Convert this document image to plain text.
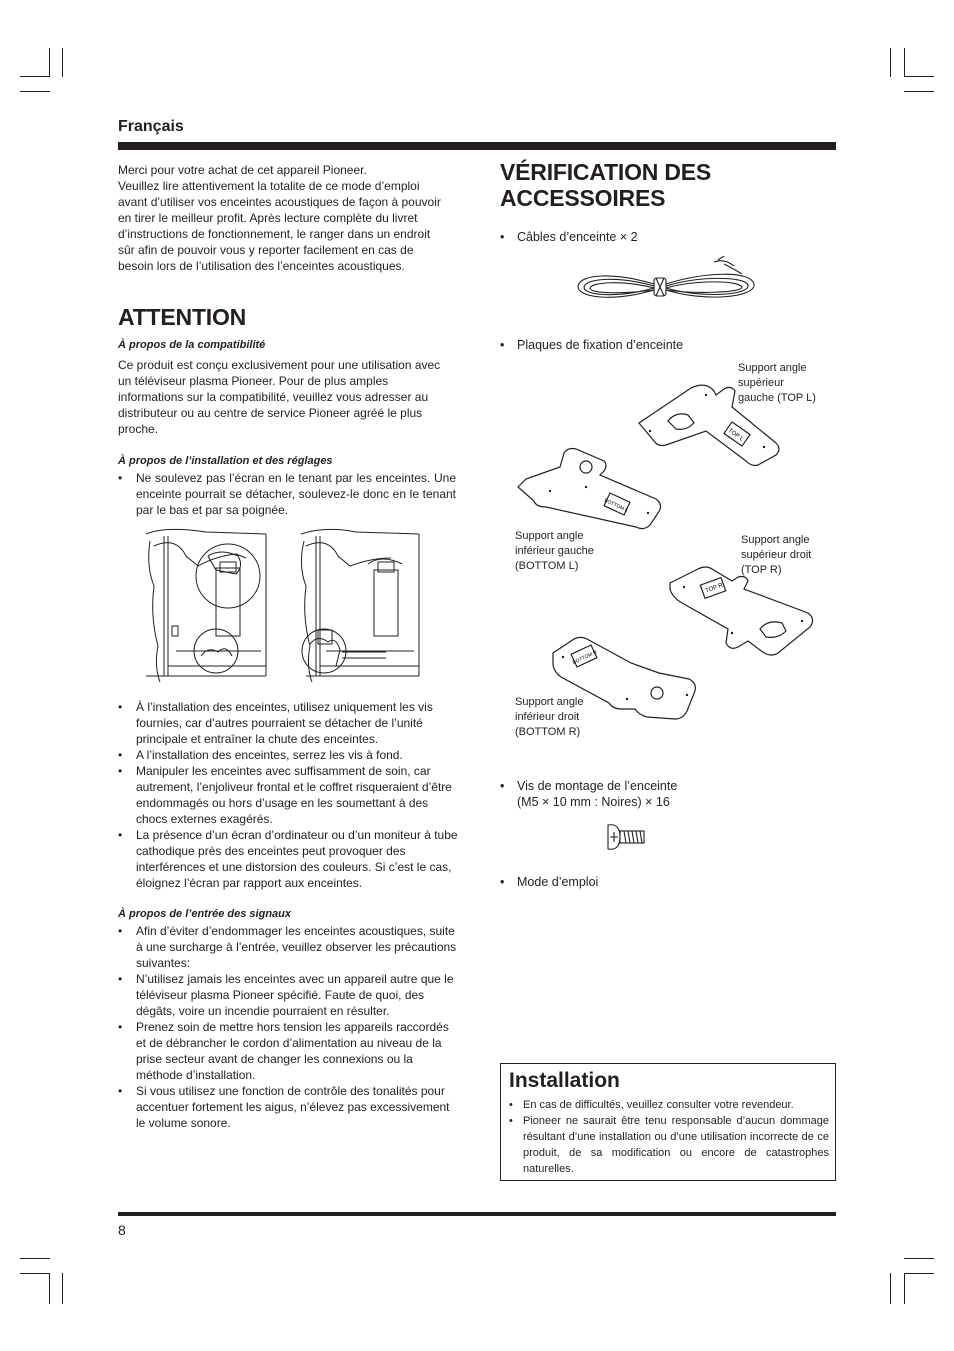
Français

Merci pour votre achat de cet appareil Pioneer.

Veuillez lire attentivement la totalite de ce mode d’emploi avant d’utiliser vos enceintes acoustiques de façon à pouvoir en tirer le meilleur profit. Après lecture complète du livret d’instructions de fonctionnement, le ranger dans un endroit sûr afin de pouvoir vous y reporter facilement en cas de besoin lors de l’utilisation des l’enceintes acoustiques.

ATTENTION

À propos de la compatibilité

Ce produit est conçu exclusivement pour une utilisation avec un téléviseur plasma Pioneer. Pour de plus amples informations sur la compatibilité, veuillez vous adresser au distributeur ou au centre de service Pioneer agréé le plus proche.

À propos de l’installation et des réglages

• Ne soulevez pas l’écran en le tenant par les enceintes. Une enceinte pourrait se détacher, soulevez-le donc en le tenant par le bas et par sa poignée.
• À l’installation des enceintes, utilisez uniquement les vis fournies, car d’autres pourraient se détacher de l’unité principale et entraîner la chute des enceintes.
• A l’installation des enceintes, serrez les vis à fond.
• Manipuler les enceintes avec suffisamment de soin, car autrement, l’enjoliveur frontal et le coffret risqueraient d’être endommagés ou hors d’usage en les soumettant à des chocs externes exagérés.
• La présence d’un écran d’ordinateur ou d’un moniteur à tube cathodique près des enceintes peut provoquer des interférences et une distorsion des couleurs. Si c’est le cas, éloignez l’écran par rapport aux enceintes.

À propos de l’entrée des signaux

• Afin d’éviter d’endommager les enceintes acoustiques, suite à une surcharge à l’entrée, veuillez observer les précautions suivantes:
• N’utilisez jamais les enceintes avec un appareil autre que le téléviseur plasma Pioneer spécifié. Faute de quoi, des dégâts, voire un incendie pourraient en résulter.
• Prenez soin de mettre hors tension les appareils raccordés et de débrancher le cordon d’alimentation au niveau de la prise secteur avant de changer les connexions ou la méthode d’installation.
• Si vous utilisez une fonction de contrôle des tonalités pour accentuer fortement les aigus, n’élevez pas excessivement le volume sonore.
VÉRIFICATION DES
ACCESSOIRES
• Câbles d’enceinte × 2
• Plaques de fixation d’enceinte
TOP L
Support angle
supérieur
gauche (TOP L)
BOTTOM L
Support angle
inférieur gauche
(BOTTOM L)
Support angle
supérieur droit
(TOP R)
TOP R
BOTTOM R
Support angle
inférieur droit
(BOTTOM R)
• Vis de montage de l’enceinte
(M5 × 10 mm : Noires) × 16
• Mode d’emploi
Installation
• En cas de difficultés, veuillez consulter votre revendeur.
• Pioneer ne saurait être tenu responsable d’aucun dommage résultant d’une installation ou d’une utilisation incorrecte de ce produit, de sa modification ou encore de catastrophes naturelles.
8
